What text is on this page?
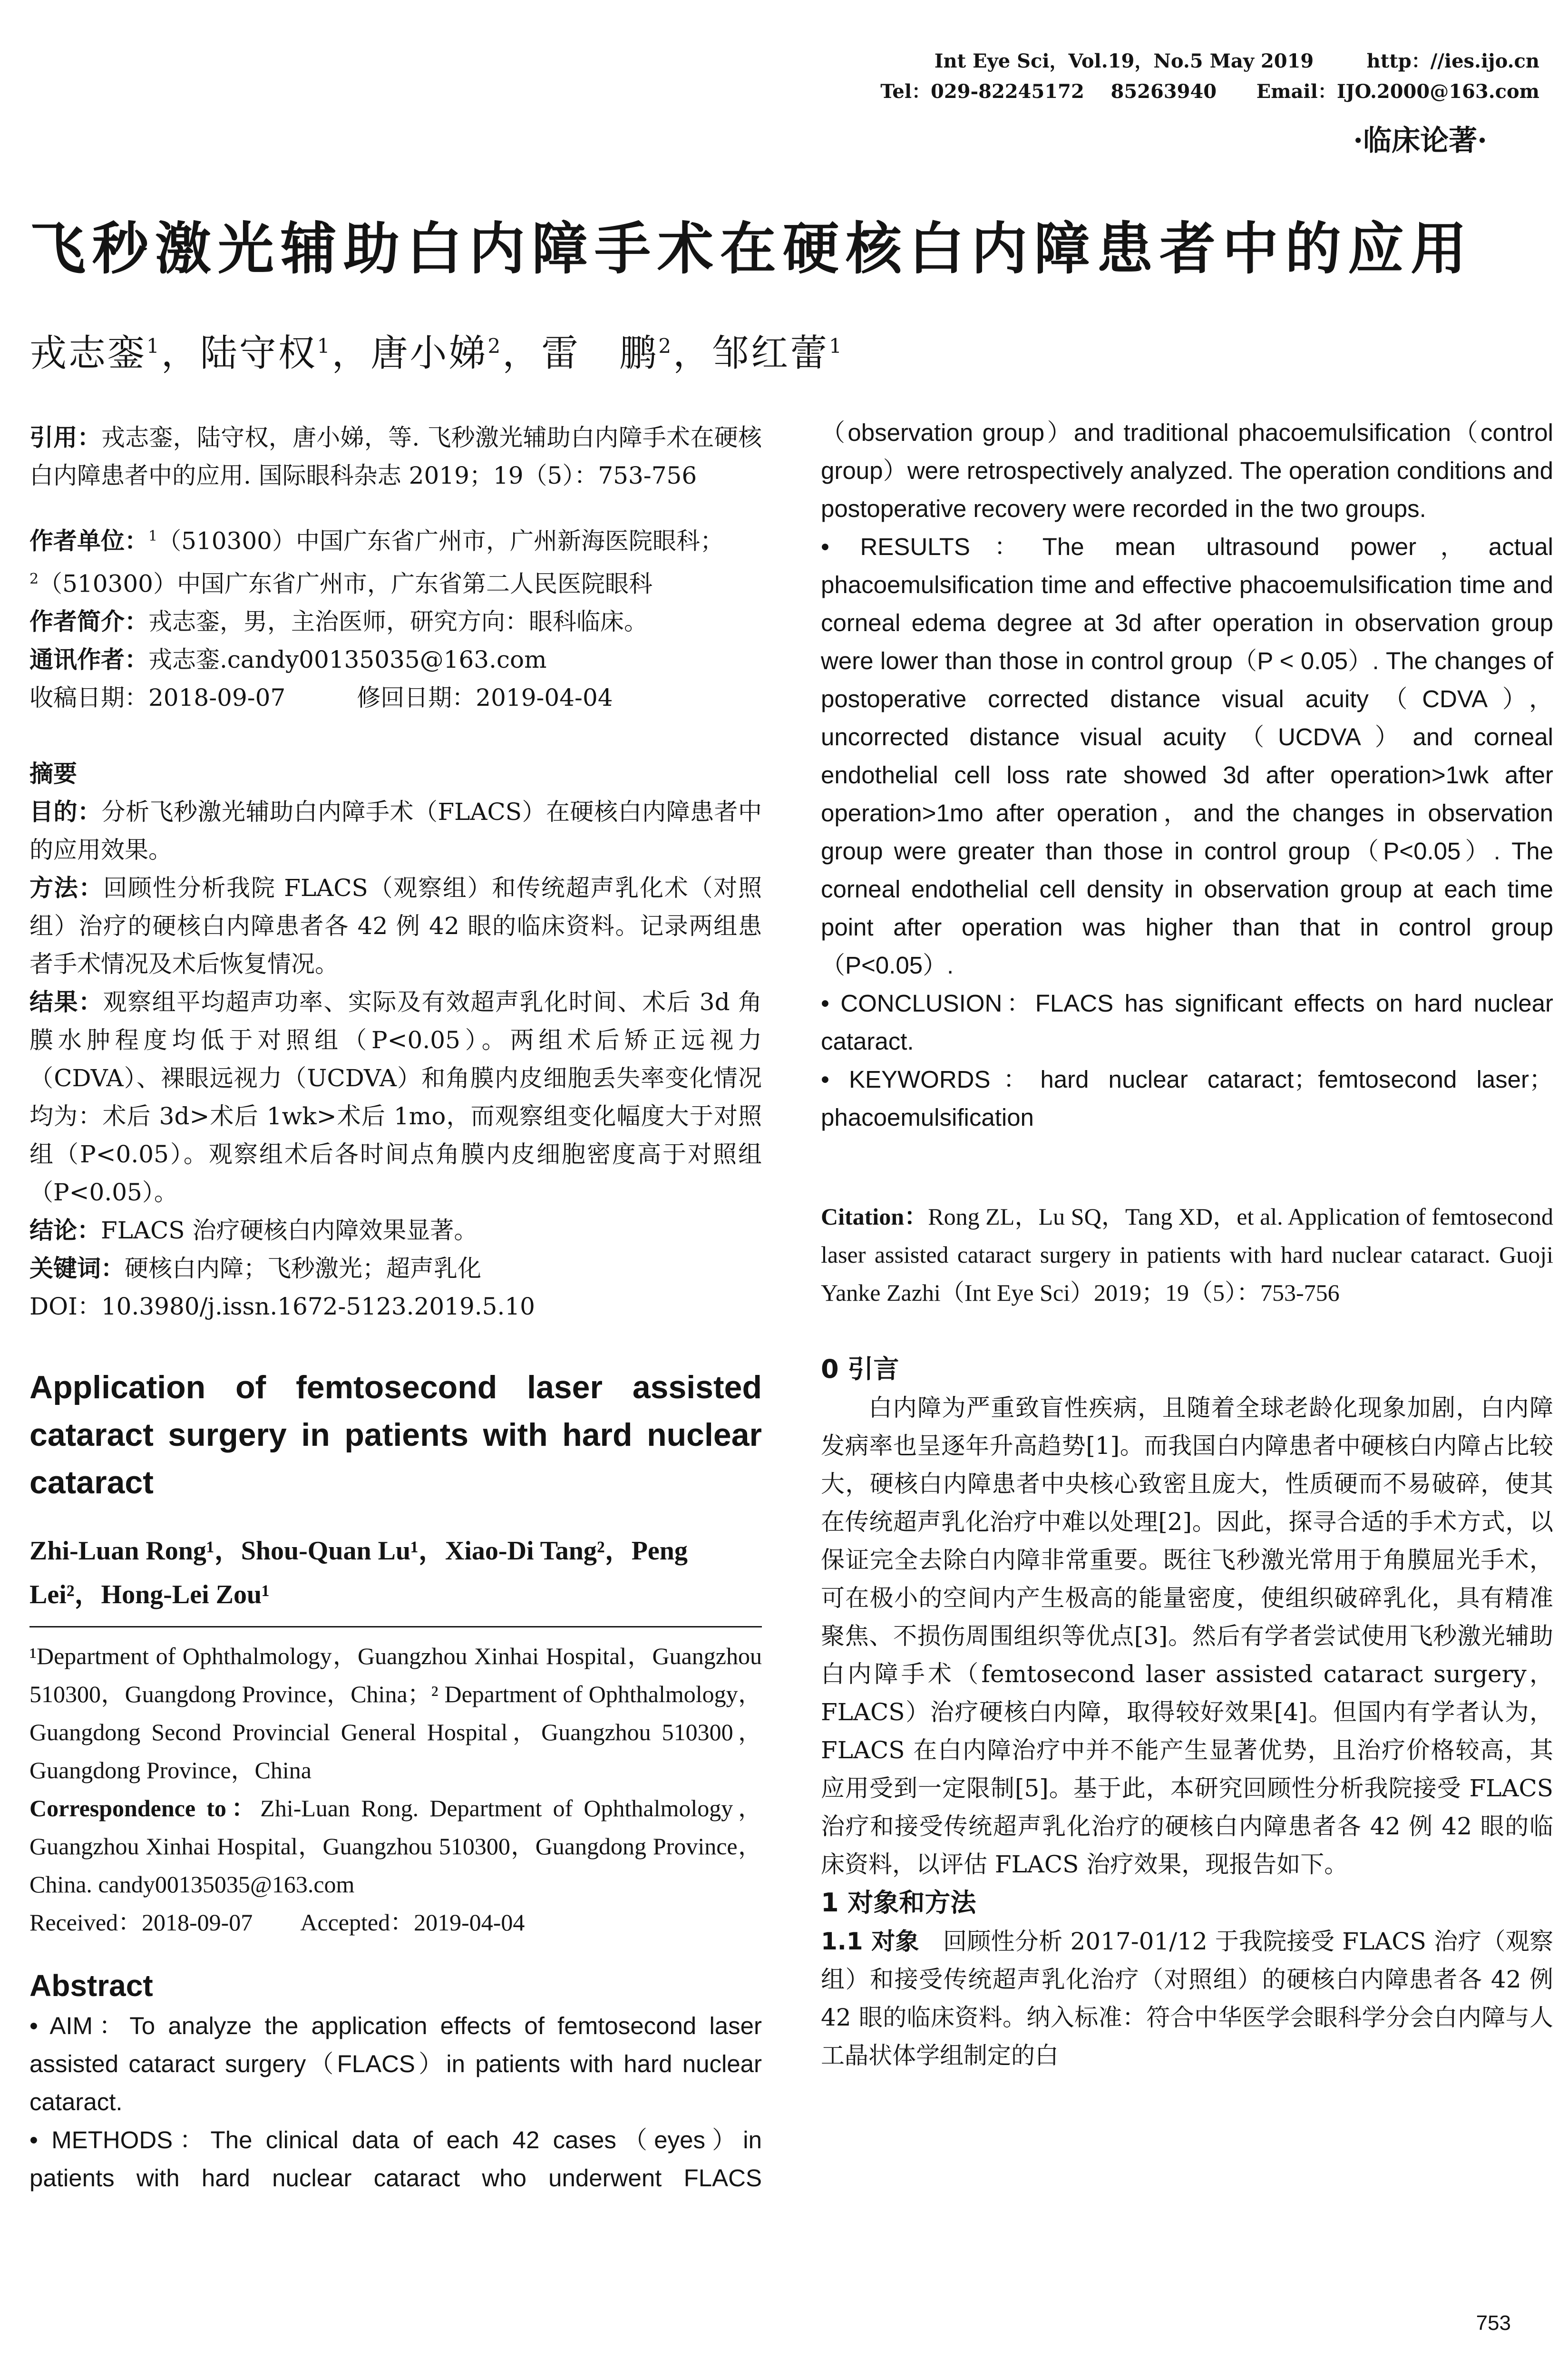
Int Eye Sci，Vol.19，No.5 May 2019	http：//ies.ijo.cn

Tel：029-82245172    85263940 Email：IJO.2000@163.com

·临床论著·
飞秒激光辅助白内障手术在硬核白内障患者中的应用
戎志銮$^1$，陆守权$^1$，唐小娣$^2$，雷　鹏$^2$，邹红蕾$^1$

引用：戎志銮，陆守权，唐小娣，等. 飞秒激光辅助白内障手术在硬核白内障患者中的应用. 国际眼科杂志 2019；19（5）：753-756

作者单位：$^1$（510300）中国广东省广州市，广州新海医院眼科；
$^2$（510300）中国广东省广州市，广东省第二人民医院眼科

作者简介：戎志銮，男，主治医师，研究方向：眼科临床。

通讯作者：戎志銮.candy00135035@163.com

收稿日期：2018-09-07　　　	修回日期：2019-04-04

摘要

目的：分析飞秒激光辅助白内障手术（FLACS）在硬核白内障患者中的应用效果。

方法：回顾性分析我院 FLACS（观察组）和传统超声乳化术（对照组）治疗的硬核白内障患者各 42 例 42 眼的临床资料。记录两组患者手术情况及术后恢复情况。

结果：观察组平均超声功率、实际及有效超声乳化时间、术后 3d 角膜水肿程度均低于对照组（P<0.05）。两组术后矫正远视力（CDVA）、裸眼远视力（UCDVA）和角膜内皮细胞丢失率变化情况均为：术后 3d>术后 1wk>术后 1mo，而观察组变化幅度大于对照组（P<0.05）。观察组术后各时间点角膜内皮细胞密度高于对照组（P<0.05）。

结论：FLACS 治疗硬核白内障效果显著。

关键词：硬核白内障；飞秒激光；超声乳化

DOI：10.3980/j.issn.1672-5123.2019.5.10

Application of femtosecond laser assisted cataract surgery in patients with hard nuclear cataract

Zhi-Luan Rong¹，Shou-Quan Lu¹，Xiao-Di Tang²，Peng Lei²，Hong-Lei Zou¹

¹Department of Ophthalmology，Guangzhou Xinhai Hospital，Guangzhou 510300，Guangdong Province，China；² Department of Ophthalmology，Guangdong Second Provincial General Hospital，Guangzhou 510300，Guangdong Province，China

Correspondence to：Zhi-Luan Rong. Department of Ophthalmology，Guangzhou Xinhai Hospital，Guangzhou 510300，Guangdong Province，China. candy00135035@163.com

Received：2018-09-07　　 Accepted：2019-04-04

Abstract

• AIM：To analyze the application effects of femtosecond laser assisted cataract surgery（FLACS）in patients with hard nuclear cataract.

• METHODS：The clinical data of each 42 cases（eyes）in patients with hard nuclear cataract who underwent FLACS

（observation group）and traditional phacoemulsification（control group）were retrospectively analyzed. The operation conditions and postoperative recovery were recorded in the two groups.

• RESULTS：The mean ultrasound power，actual phacoemulsification time and effective phacoemulsification time and corneal edema degree at 3d after operation in observation group were lower than those in control group（P < 0.05）. The changes of postoperative corrected distance visual acuity（CDVA），uncorrected distance visual acuity（UCDVA）and corneal endothelial cell loss rate showed 3d after operation>1wk after operation>1mo after operation，and the changes in observation group were greater than those in control group（P<0.05）. The corneal endothelial cell density in observation group at each time point after operation was higher than that in control group（P<0.05）.

• CONCLUSION：FLACS has significant effects on hard nuclear cataract.

• KEYWORDS：hard nuclear cataract；femtosecond laser；phacoemulsification

Citation：Rong ZL，Lu SQ，Tang XD，et al. Application of femtosecond laser assisted cataract surgery in patients with hard nuclear cataract. Guoji Yanke Zazhi（Int Eye Sci）2019；19（5）：753-756

0 引言

白内障为严重致盲性疾病，且随着全球老龄化现象加剧，白内障发病率也呈逐年升高趋势[1]。而我国白内障患者中硬核白内障占比较大，硬核白内障患者中央核心致密且庞大，性质硬而不易破碎，使其在传统超声乳化治疗中难以处理[2]。因此，探寻合适的手术方式，以保证完全去除白内障非常重要。既往飞秒激光常用于角膜屈光手术，可在极小的空间内产生极高的能量密度，使组织破碎乳化，具有精准聚焦、不损伤周围组织等优点[3]。然后有学者尝试使用飞秒激光辅助白内障手术（femtosecond laser assisted cataract surgery，FLACS）治疗硬核白内障，取得较好效果[4]。但国内有学者认为，FLACS 在白内障治疗中并不能产生显著优势，且治疗价格较高，其应用受到一定限制[5]。基于此，本研究回顾性分析我院接受 FLACS 治疗和接受传统超声乳化治疗的硬核白内障患者各 42 例 42 眼的临床资料，以评估 FLACS 治疗效果，现报告如下。

1 对象和方法

1.1 对象　 回顾性分析 2017-01/12 于我院接受 FLACS 治疗（观察组）和接受传统超声乳化治疗（对照组）的硬核白内障患者各 42 例 42 眼的临床资料。纳入标准：符合中华医学会眼科学分会白内障与人工晶状体学组制定的白

753
